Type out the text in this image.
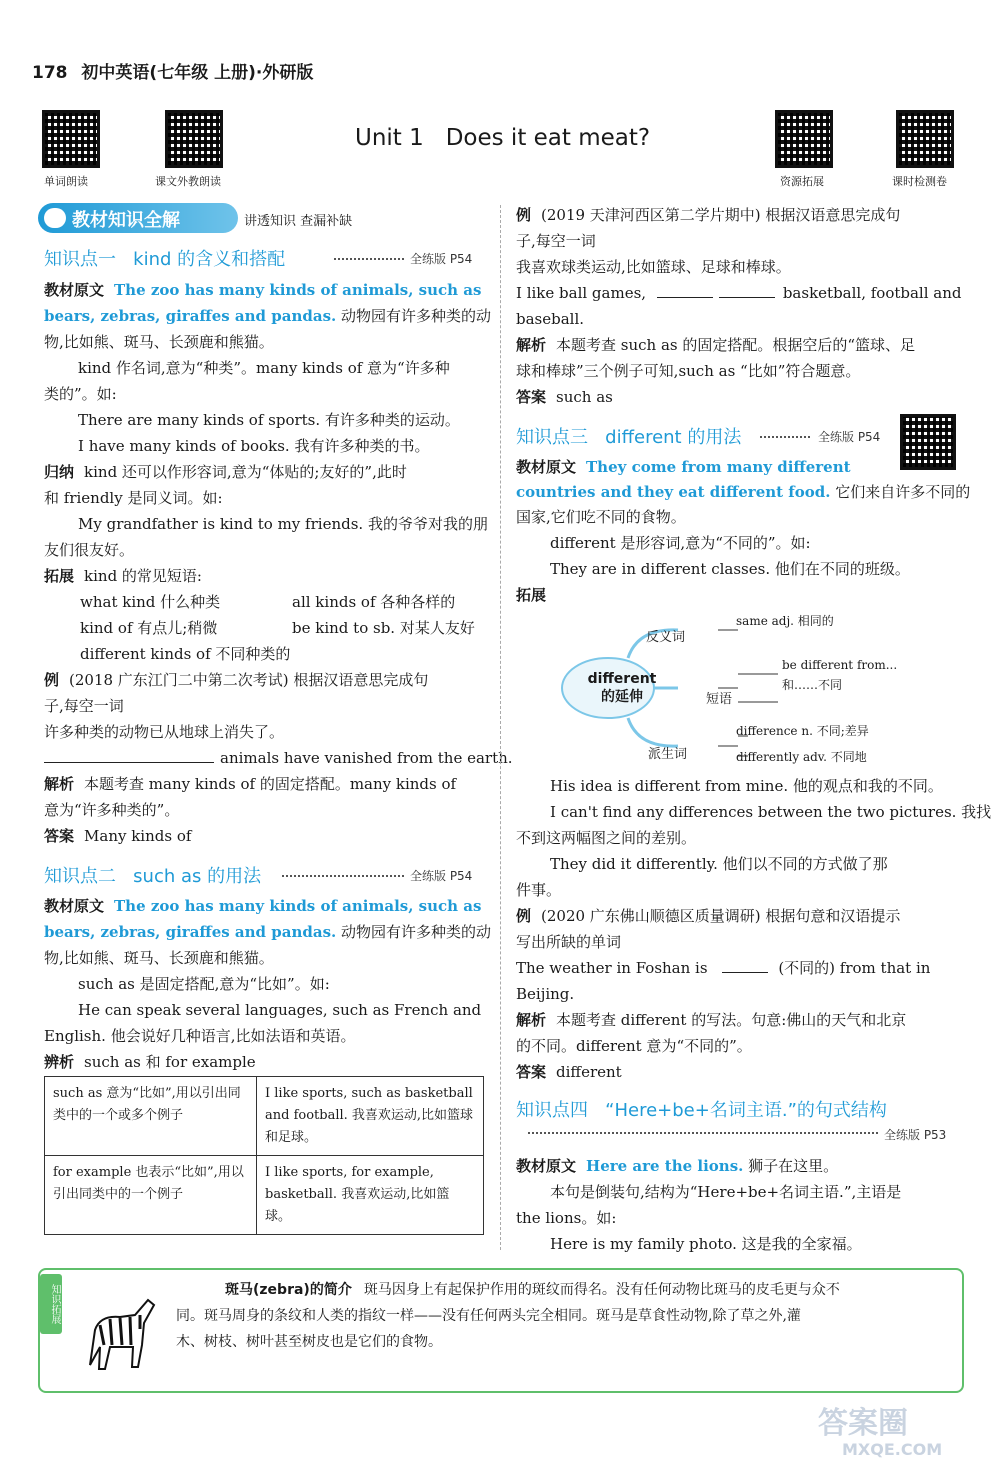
178 初中英语(七年级 上册)·外研版
单词朗读	课文外教朗读	资源拓展	课时检测卷
Unit 1   Does it eat meat?
教材知识全解	讲透知识 查漏补缺
知识点一   kind 的含义和搭配	全练版 P54
教材原文 The zoo has many kinds of animals, such as
bears, zebras, giraffes and pandas. 动物园有许多种类的动
物,比如熊、斑马、长颈鹿和熊猫。
kind 作名词,意为“种类”。many kinds of 意为“许多种
类的”。如:
There are many kinds of sports. 有许多种类的运动。
I have many kinds of books. 我有许多种类的书。
归纳 kind 还可以作形容词,意为“体贴的;友好的”,此时
和 friendly 是同义词。如:
My grandfather is kind to my friends. 我的爷爷对我的朋
友们很友好。
拓展 kind 的常见短语:
what kind 什么种类	all kinds of 各种各样的
kind of 有点儿;稍微	be kind to sb. 对某人友好
different kinds of 不同种类的
例 (2018 广东江门二中第二次考试) 根据汉语意思完成句
子,每空一词
许多种类的动物已从地球上消失了。
animals have vanished from the earth.
解析 本题考查 many kinds of 的固定搭配。many kinds of
意为“许多种类的”。
答案 Many kinds of
知识点二   such as 的用法	全练版 P54
教材原文 The zoo has many kinds of animals, such as
bears, zebras, giraffes and pandas. 动物园有许多种类的动
物,比如熊、斑马、长颈鹿和熊猫。
such as 是固定搭配,意为“比如”。如:
He can speak several languages, such as French and
English. 他会说好几种语言,比如法语和英语。
辨析 such as 和 for example
such as 意为“比如”,用以引出同类中的一个或多个例子	I like sports, such as basketball and football. 我喜欢运动,比如篮球和足球。
for example 也表示“比如”,用以引出同类中的一个例子	I like sports, for example, basketball. 我喜欢运动,比如篮球。
例 (2019 天津河西区第二学片期中) 根据汉语意思完成句
子,每空一词
我喜欢球类运动,比如篮球、足球和棒球。
I like ball games,	basketball, football and
baseball.
解析 本题考查 such as 的固定搭配。根据空后的“篮球、足
球和棒球”三个例子可知,such as “比如”符合题意。
答案 such as
知识点三   different 的用法	全练版 P54
教材原文 They come from many different
countries and they eat different food. 它们来自许多不同的
国家,它们吃不同的食物。
different 是形容词,意为“不同的”。如:
They are in different classes. 他们在不同的班级。
拓展
different
的延伸
反义词
短语
派生词
same adj. 相同的
be different from...
和……不同
difference n. 不同;差异
differently adv. 不同地
His idea is different from mine. 他的观点和我的不同。
I can't find any differences between the two pictures. 我找
不到这两幅图之间的差别。
They did it differently. 他们以不同的方式做了那
件事。
例 (2020 广东佛山顺德区质量调研) 根据句意和汉语提示
写出所缺的单词
The weather in Foshan is	(不同的) from that in
Beijing.
解析 本题考查 different 的写法。句意:佛山的天气和北京
的不同。different 意为“不同的”。
答案 different
知识点四   “Here+be+名词主语.”的句式结构
全练版 P53
教材原文 Here are the lions. 狮子在这里。
本句是倒装句,结构为“Here+be+名词主语.”,主语是
the lions。如:
Here is my family photo. 这是我的全家福。
知识拓展	斑马(zebra)的简介 斑马因身上有起保护作用的斑纹而得名。没有任何动物比斑马的皮毛更与众不
同。斑马周身的条纹和人类的指纹一样——没有任何两头完全相同。斑马是草食性动物,除了草之外,灌
木、树枝、树叶甚至树皮也是它们的食物。
答案圈
MXQE.COM
